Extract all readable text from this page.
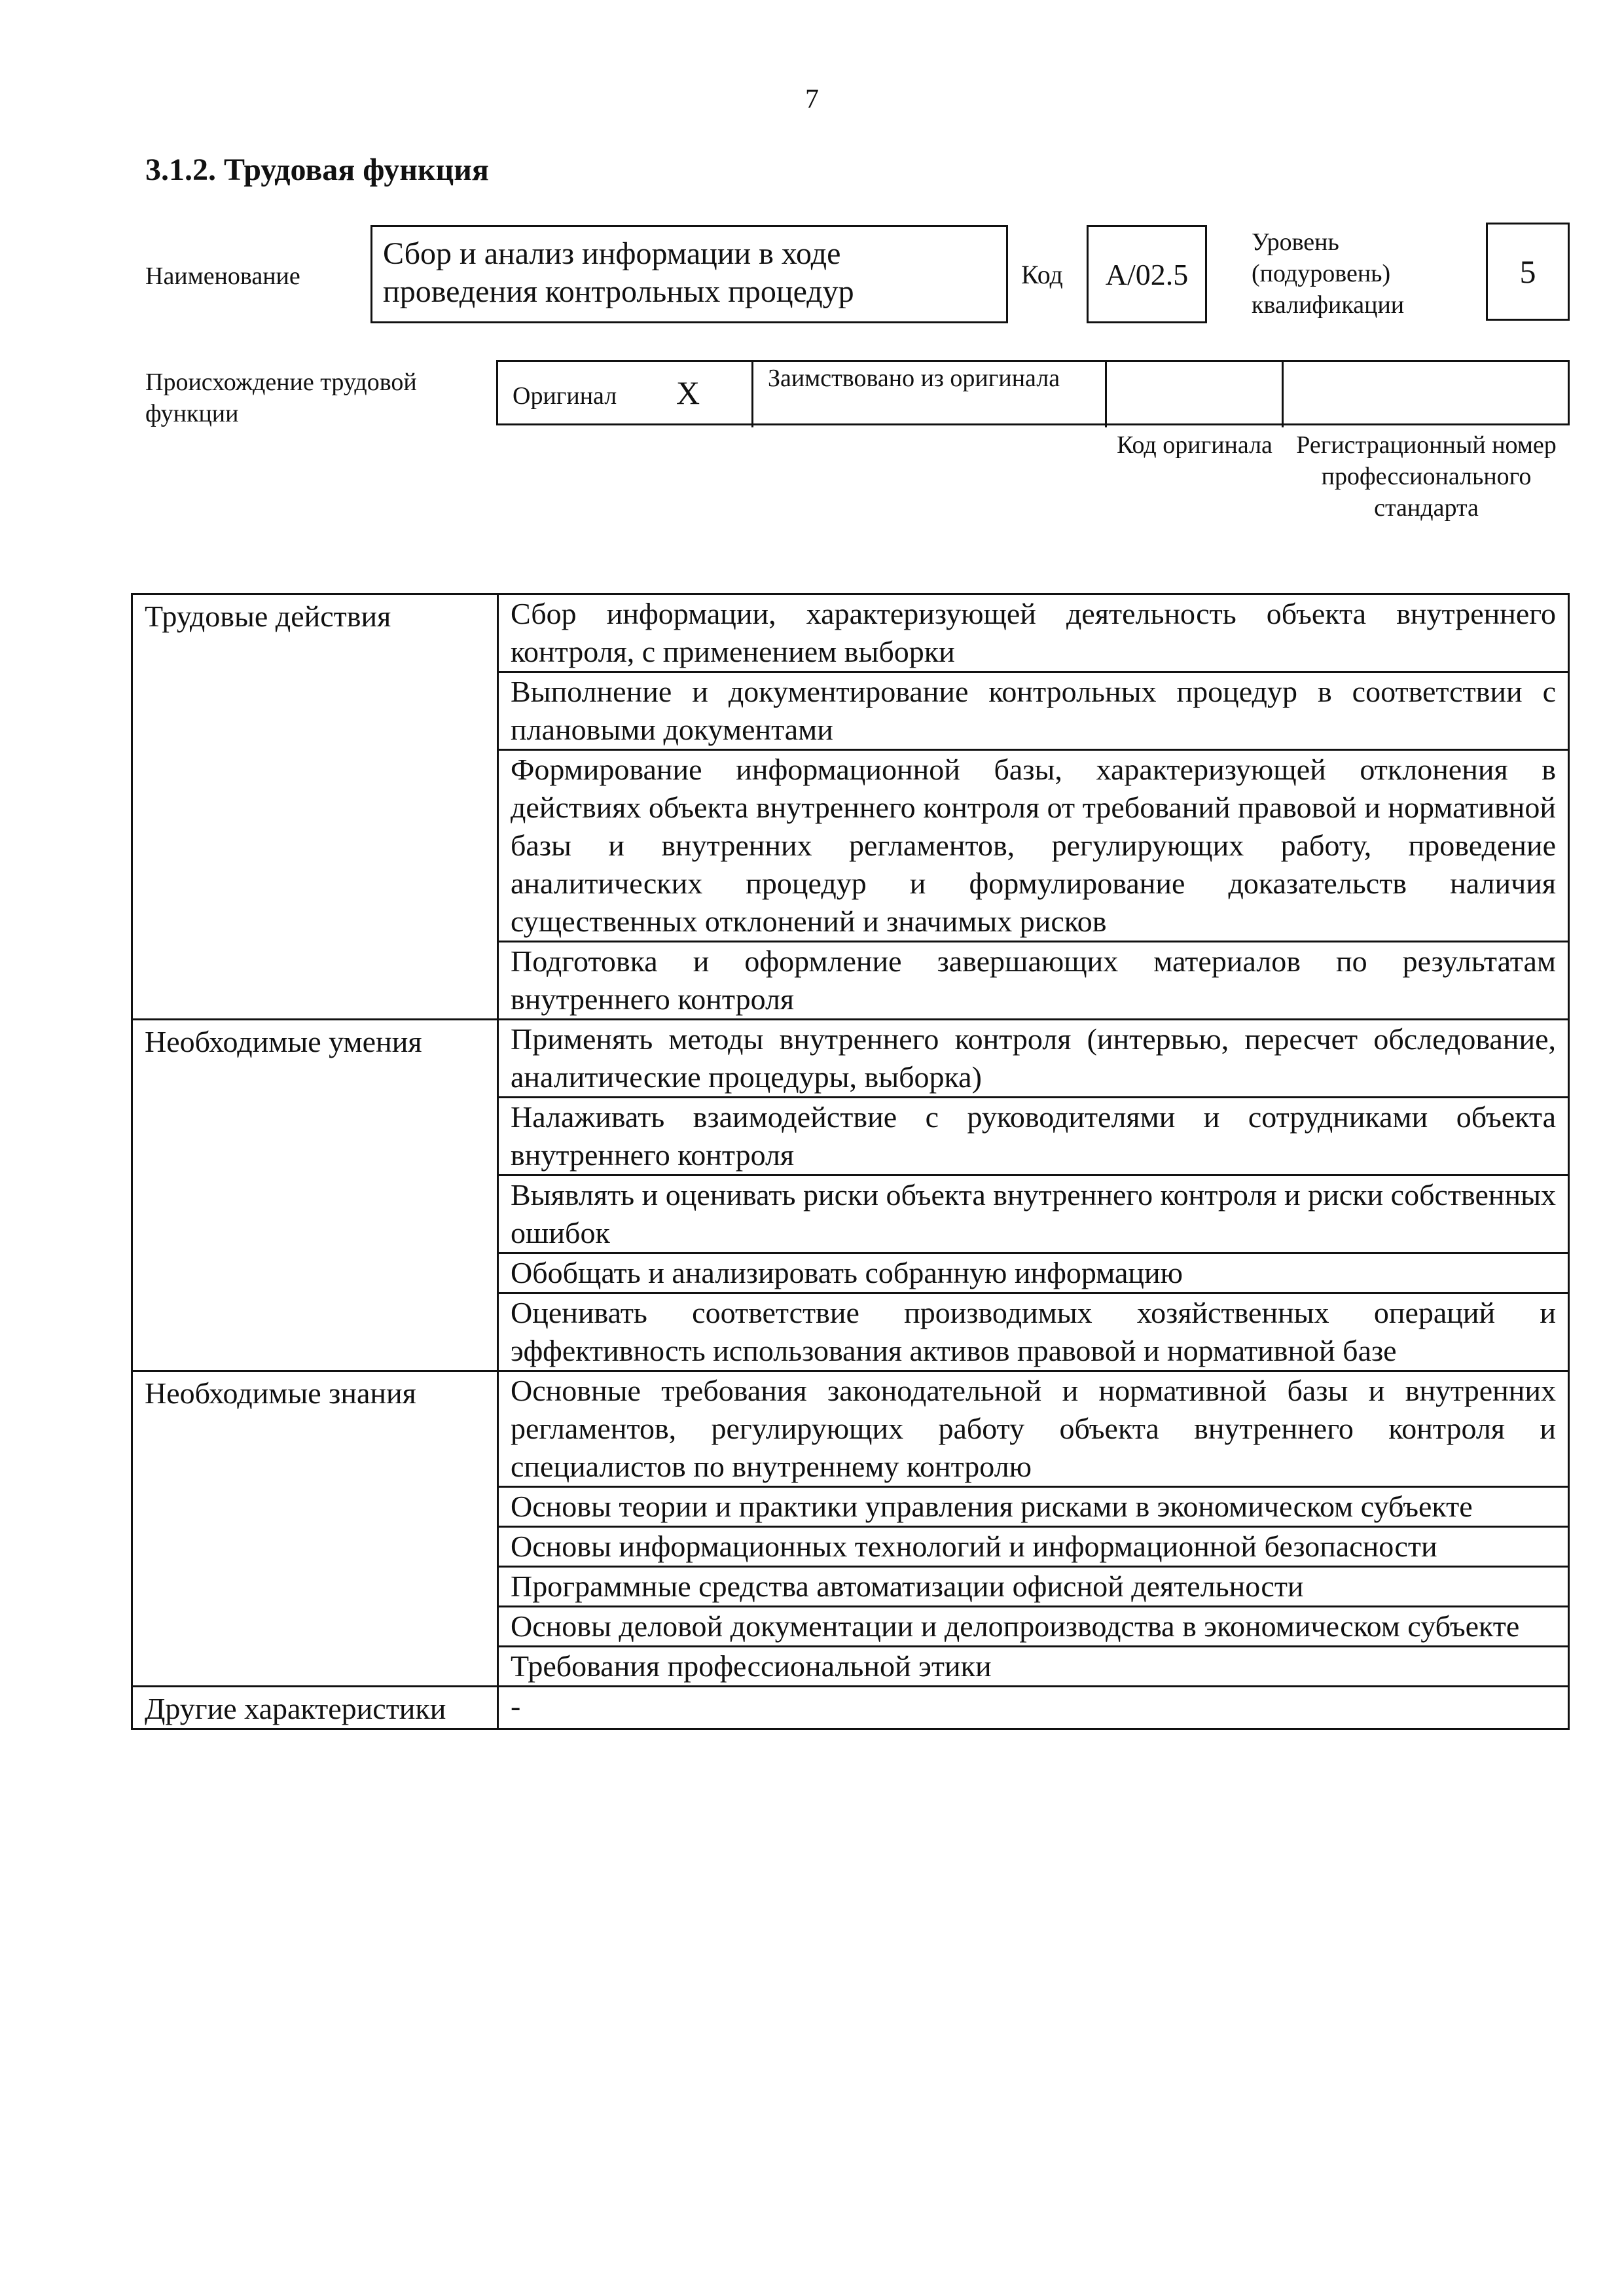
7
3.1.2. Трудовая функция
Наименование
Сбор и анализ информации в ходе проведения контрольных процедур	Код	А/02.5
Уровень
(подуровень)
квалификации
5
Происхождение трудовой функции
Оригинал Х	Заимствовано из оригинала
Код оригинала Регистрационный номер профессионального стандарта
Трудовые действия	Сбор информации, характеризующей деятельность объекта внутреннего контроля, с применением выборки
	Выполнение и документирование контрольных процедур в соответствии с плановыми документами
	Формирование информационной базы, характеризующей отклонения в действиях объекта внутреннего контроля от требований правовой и нормативной базы и внутренних регламентов, регулирующих работу, проведение аналитических процедур и формулирование доказательств наличия существенных отклонений и значимых рисков
	Подготовка и оформление завершающих материалов по результатам внутреннего контроля
Необходимые умения	Применять методы внутреннего контроля (интервью, пересчет обследование, аналитические процедуры, выборка)
	Налаживать взаимодействие с руководителями и сотрудниками объекта внутреннего контроля
	Выявлять и оценивать риски объекта внутреннего контроля и риски собственных ошибок
	Обобщать и анализировать собранную информацию
	Оценивать соответствие производимых хозяйственных операций и эффективность использования активов правовой и нормативной базе
Необходимые знания	Основные требования законодательной и нормативной базы и внутренних регламентов, регулирующих работу объекта внутреннего контроля и специалистов по внутреннему контролю
	Основы теории и практики управления рисками в экономическом субъекте
	Основы информационных технологий и информационной безопасности
	Программные средства автоматизации офисной деятельности
	Основы деловой документации и делопроизводства в экономическом субъекте
	Требования профессиональной этики
Другие характеристики	-
